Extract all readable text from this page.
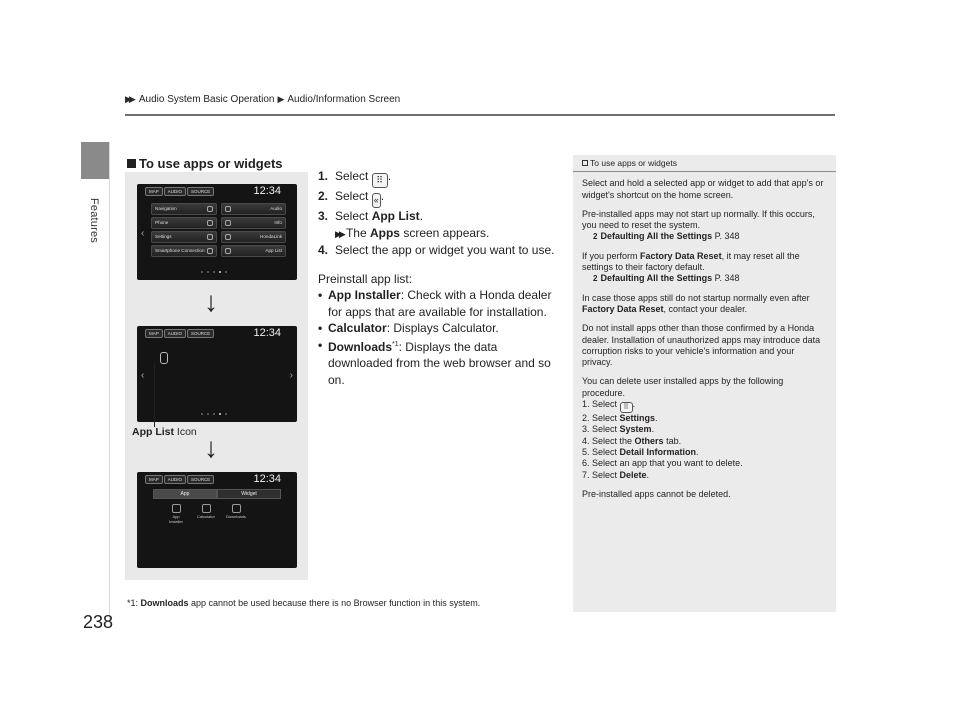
Features
238
▶▶ Audio System Basic Operation ▶ Audio/Information Screen
To use apps or widgets
MAP	AUDIO	SOURCE	12:34
‹
Navigation	Audio
Phone	Info
Settings	HondaLink
Smartphone Connection	App List
↓
MAP	AUDIO	SOURCE	12:34
‹	›
App List Icon ↓
MAP	AUDIO	SOURCE	12:34
App	Widget
App Installer
Calculator	Downloads
1. Select ⠿ .
2. Select « .
3. Select App List.
▶▶ The Apps screen appears.
4. Select the app or widget you want to use.
Preinstall app list:
• App Installer: Check with a Honda dealer for apps that are available for installation.
• Calculator: Displays Calculator.
• Downloads$^{*1}$: Displays the data downloaded from the web browser and so on.
To use apps or widgets

Select and hold a selected app or widget to add that app's or widget's shortcut on the home screen.

Pre-installed apps may not start up normally. If this occurs, you need to reset the system.
2 Defaulting All the Settings P. 348

If you perform Factory Data Reset, it may reset all the settings to their factory default.
2 Defaulting All the Settings P. 348

In case those apps still do not startup normally even after Factory Data Reset, contact your dealer.

Do not install apps other than those confirmed by a Honda dealer. Installation of unauthorized apps may introduce data corruption risks to your vehicle's information and your privacy.

You can delete user installed apps by the following procedure.
1. Select ⠿ .
2. Select Settings.
3. Select System.
4. Select the Others tab.
5. Select Detail Information.
6. Select an app that you want to delete.
7. Select Delete.

Pre-installed apps cannot be deleted.

*1: Downloads app cannot be used because there is no Browser function in this system.
